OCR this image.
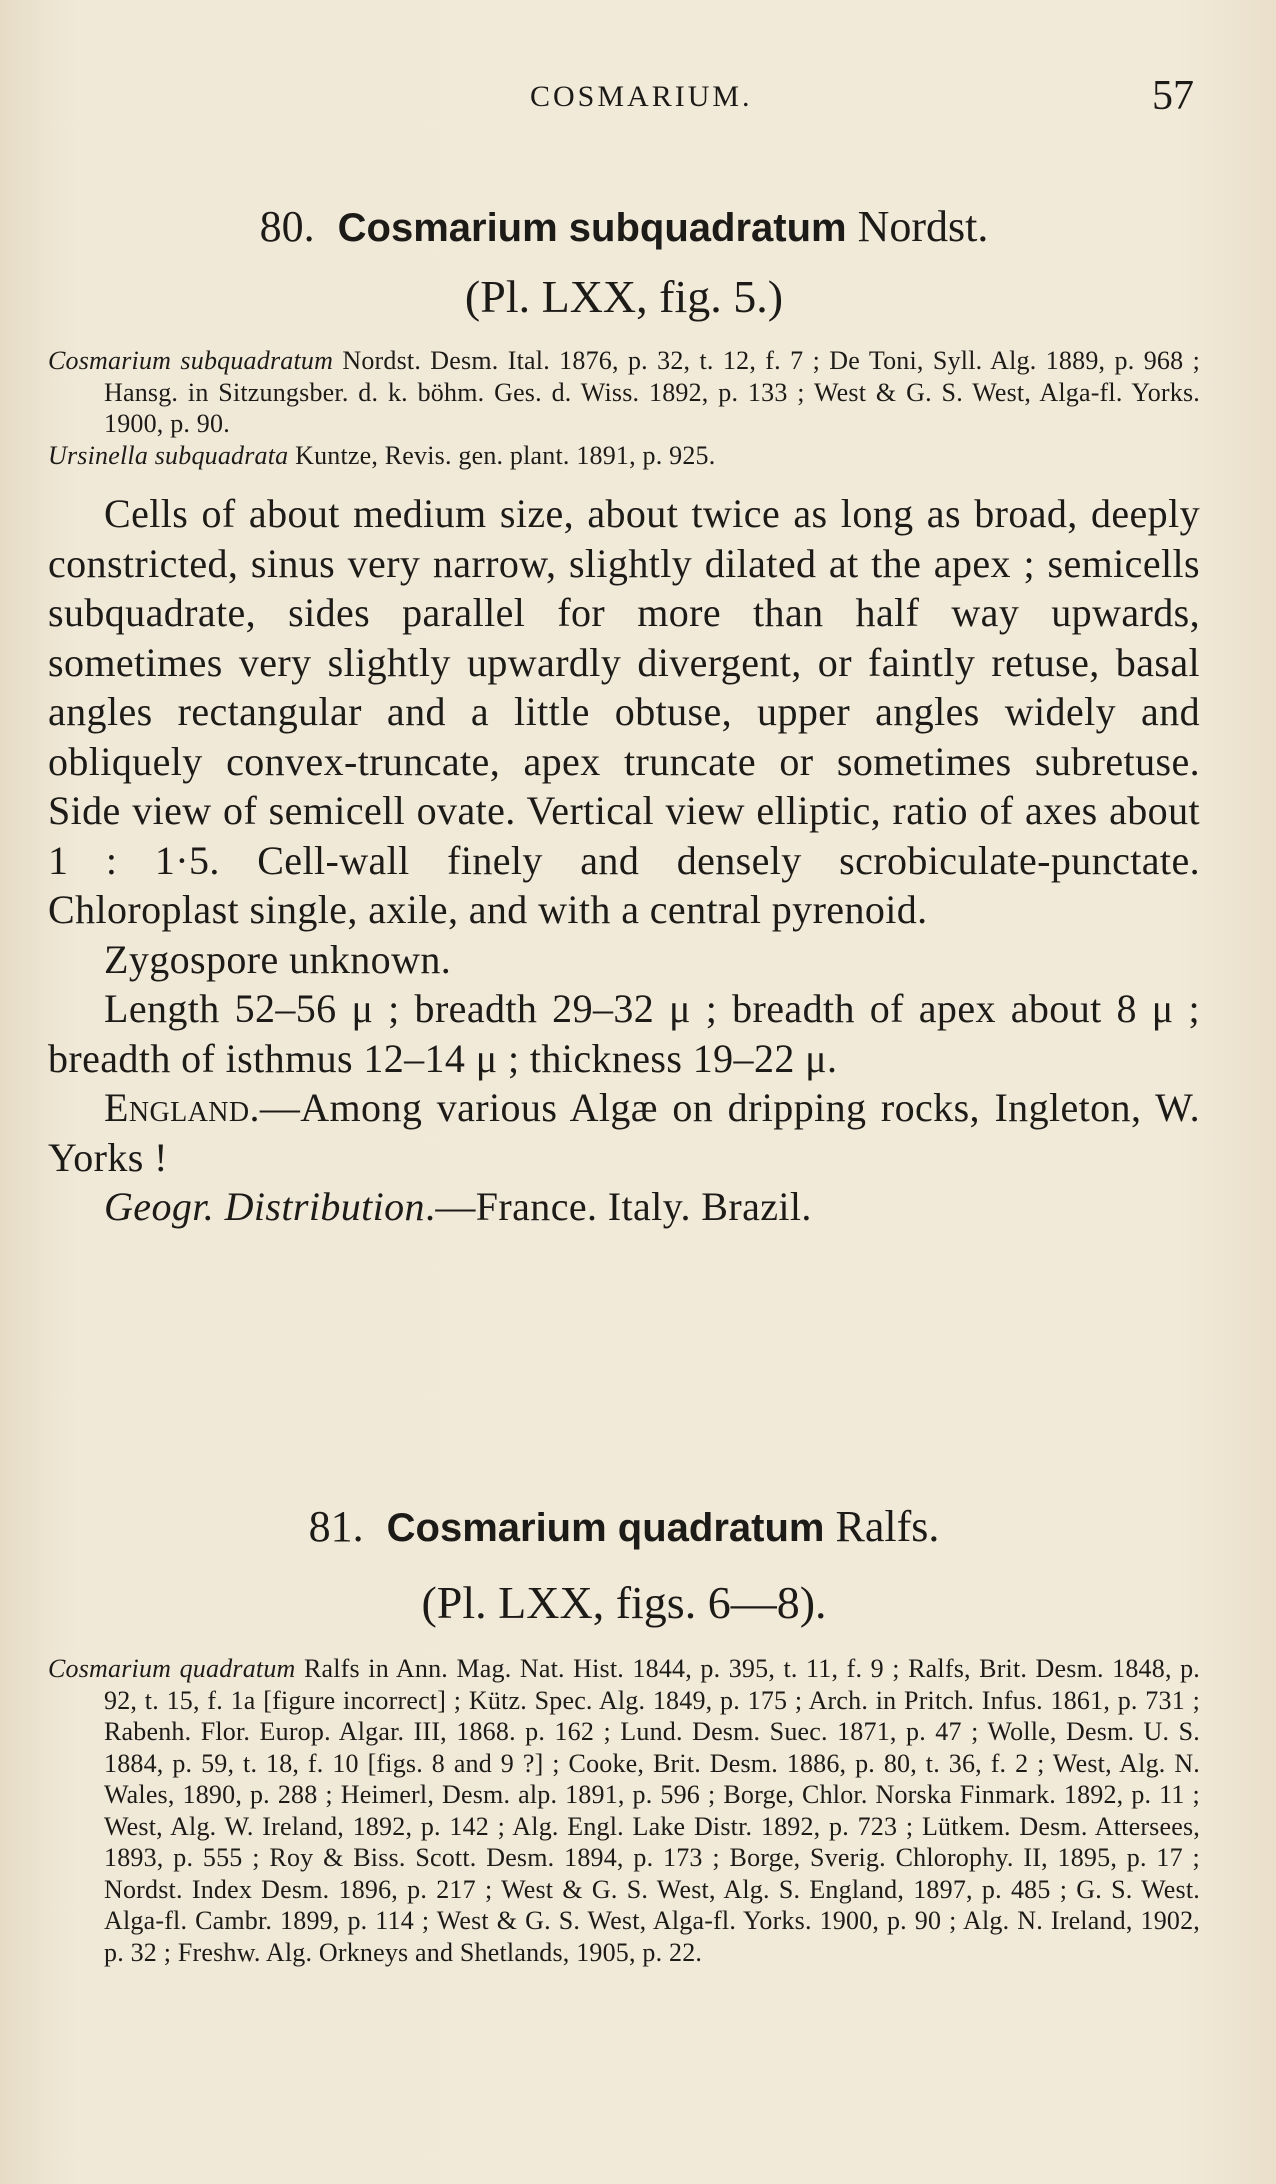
COSMARIUM.	57
80. Cosmarium subquadratum Nordst.
(Pl. LXX, fig. 5.)

Cosmarium subquadratum Nordst. Desm. Ital. 1876, p. 32, t. 12, f. 7 ; De Toni, Syll. Alg. 1889, p. 968 ; Hansg. in Sitzungsber. d. k. böhm. Ges. d. Wiss. 1892, p. 133 ; West & G. S. West, Alga-fl. Yorks. 1900, p. 90.

Ursinella subquadrata Kuntze, Revis. gen. plant. 1891, p. 925.

Cells of about medium size, about twice as long as broad, deeply constricted, sinus very narrow, slightly dilated at the apex ; semicells subquadrate, sides parallel for more than half way upwards, sometimes very slightly upwardly divergent, or faintly retuse, basal angles rectangular and a little obtuse, upper angles widely and obliquely convex-truncate, apex truncate or sometimes subretuse. Side view of semicell ovate. Vertical view elliptic, ratio of axes about 1 : 1·5. Cell-wall finely and densely scrobiculate-punctate. Chloroplast single, axile, and with a central pyrenoid.

Zygospore unknown.

Length 52–56 μ ; breadth 29–32 μ ; breadth of apex about 8 μ ; breadth of isthmus 12–14 μ ; thickness 19–22 μ.

England.—Among various Algæ on dripping rocks, Ingleton, W. Yorks !

Geogr. Distribution.—France. Italy. Brazil.

81. Cosmarium quadratum Ralfs.
(Pl. LXX, figs. 6—8).

Cosmarium quadratum Ralfs in Ann. Mag. Nat. Hist. 1844, p. 395, t. 11, f. 9 ; Ralfs, Brit. Desm. 1848, p. 92, t. 15, f. 1a [figure incorrect] ; Kütz. Spec. Alg. 1849, p. 175 ; Arch. in Pritch. Infus. 1861, p. 731 ; Rabenh. Flor. Europ. Algar. III, 1868. p. 162 ; Lund. Desm. Suec. 1871, p. 47 ; Wolle, Desm. U. S. 1884, p. 59, t. 18, f. 10 [figs. 8 and 9 ?] ; Cooke, Brit. Desm. 1886, p. 80, t. 36, f. 2 ; West, Alg. N. Wales, 1890, p. 288 ; Heimerl, Desm. alp. 1891, p. 596 ; Borge, Chlor. Norska Finmark. 1892, p. 11 ; West, Alg. W. Ireland, 1892, p. 142 ; Alg. Engl. Lake Distr. 1892, p. 723 ; Lütkem. Desm. Attersees, 1893, p. 555 ; Roy & Biss. Scott. Desm. 1894, p. 173 ; Borge, Sverig. Chlorophy. II, 1895, p. 17 ; Nordst. Index Desm. 1896, p. 217 ; West & G. S. West, Alg. S. England, 1897, p. 485 ; G. S. West. Alga-fl. Cambr. 1899, p. 114 ; West & G. S. West, Alga-fl. Yorks. 1900, p. 90 ; Alg. N. Ireland, 1902, p. 32 ; Freshw. Alg. Orkneys and Shetlands, 1905, p. 22.
